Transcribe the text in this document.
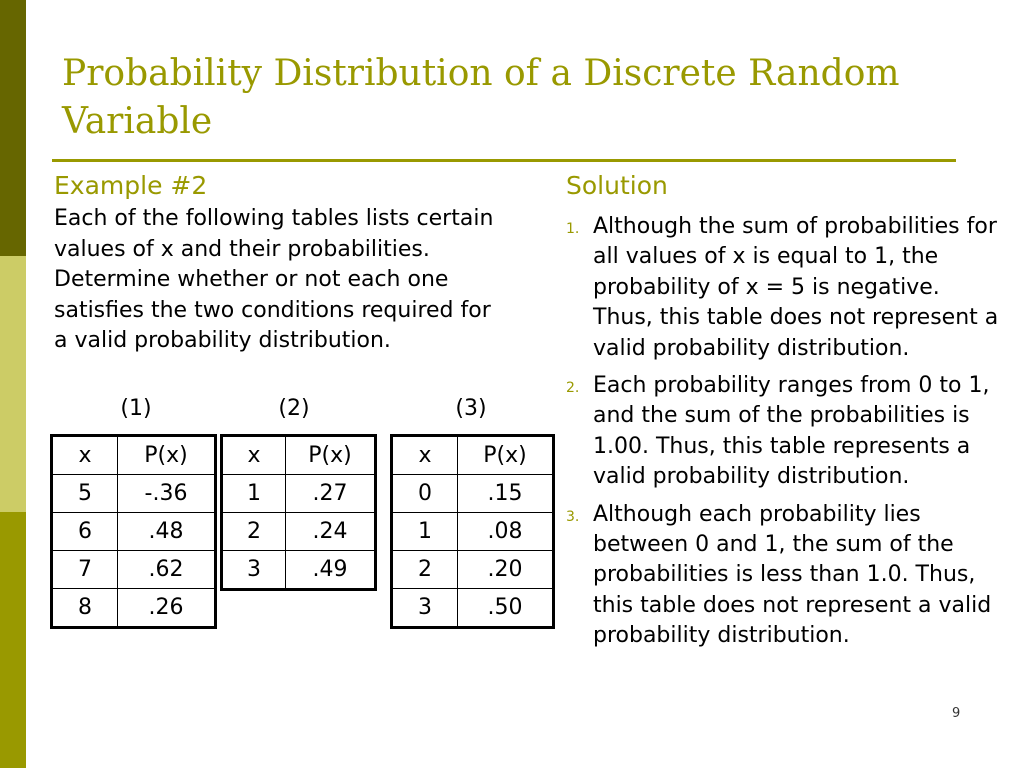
Probability Distribution of a Discrete Random Variable
Example #2
Each of the following tables lists certain values of x and their probabilities. Determine whether or not each one satisfies the two conditions required for a valid probability distribution.
(1)	(2)	(3)
x	P(x)
5	-.36
6	.48
7	.62
8	.26
x	P(x)
1	.27
2	.24
3	.49
x	P(x)
0	.15
1	.08
2	.20
3	.50
Solution
1. Although the sum of probabilities for all values of x is equal to 1, the probability of x = 5 is negative. Thus, this table does not represent a valid probability distribution.
2. Each probability ranges from 0 to 1, and the sum of the probabilities is 1.00. Thus, this table represents a valid probability distribution.
3. Although each probability lies between 0 and 1, the sum of the probabilities is less than 1.0. Thus, this table does not represent a valid probability distribution.
9
